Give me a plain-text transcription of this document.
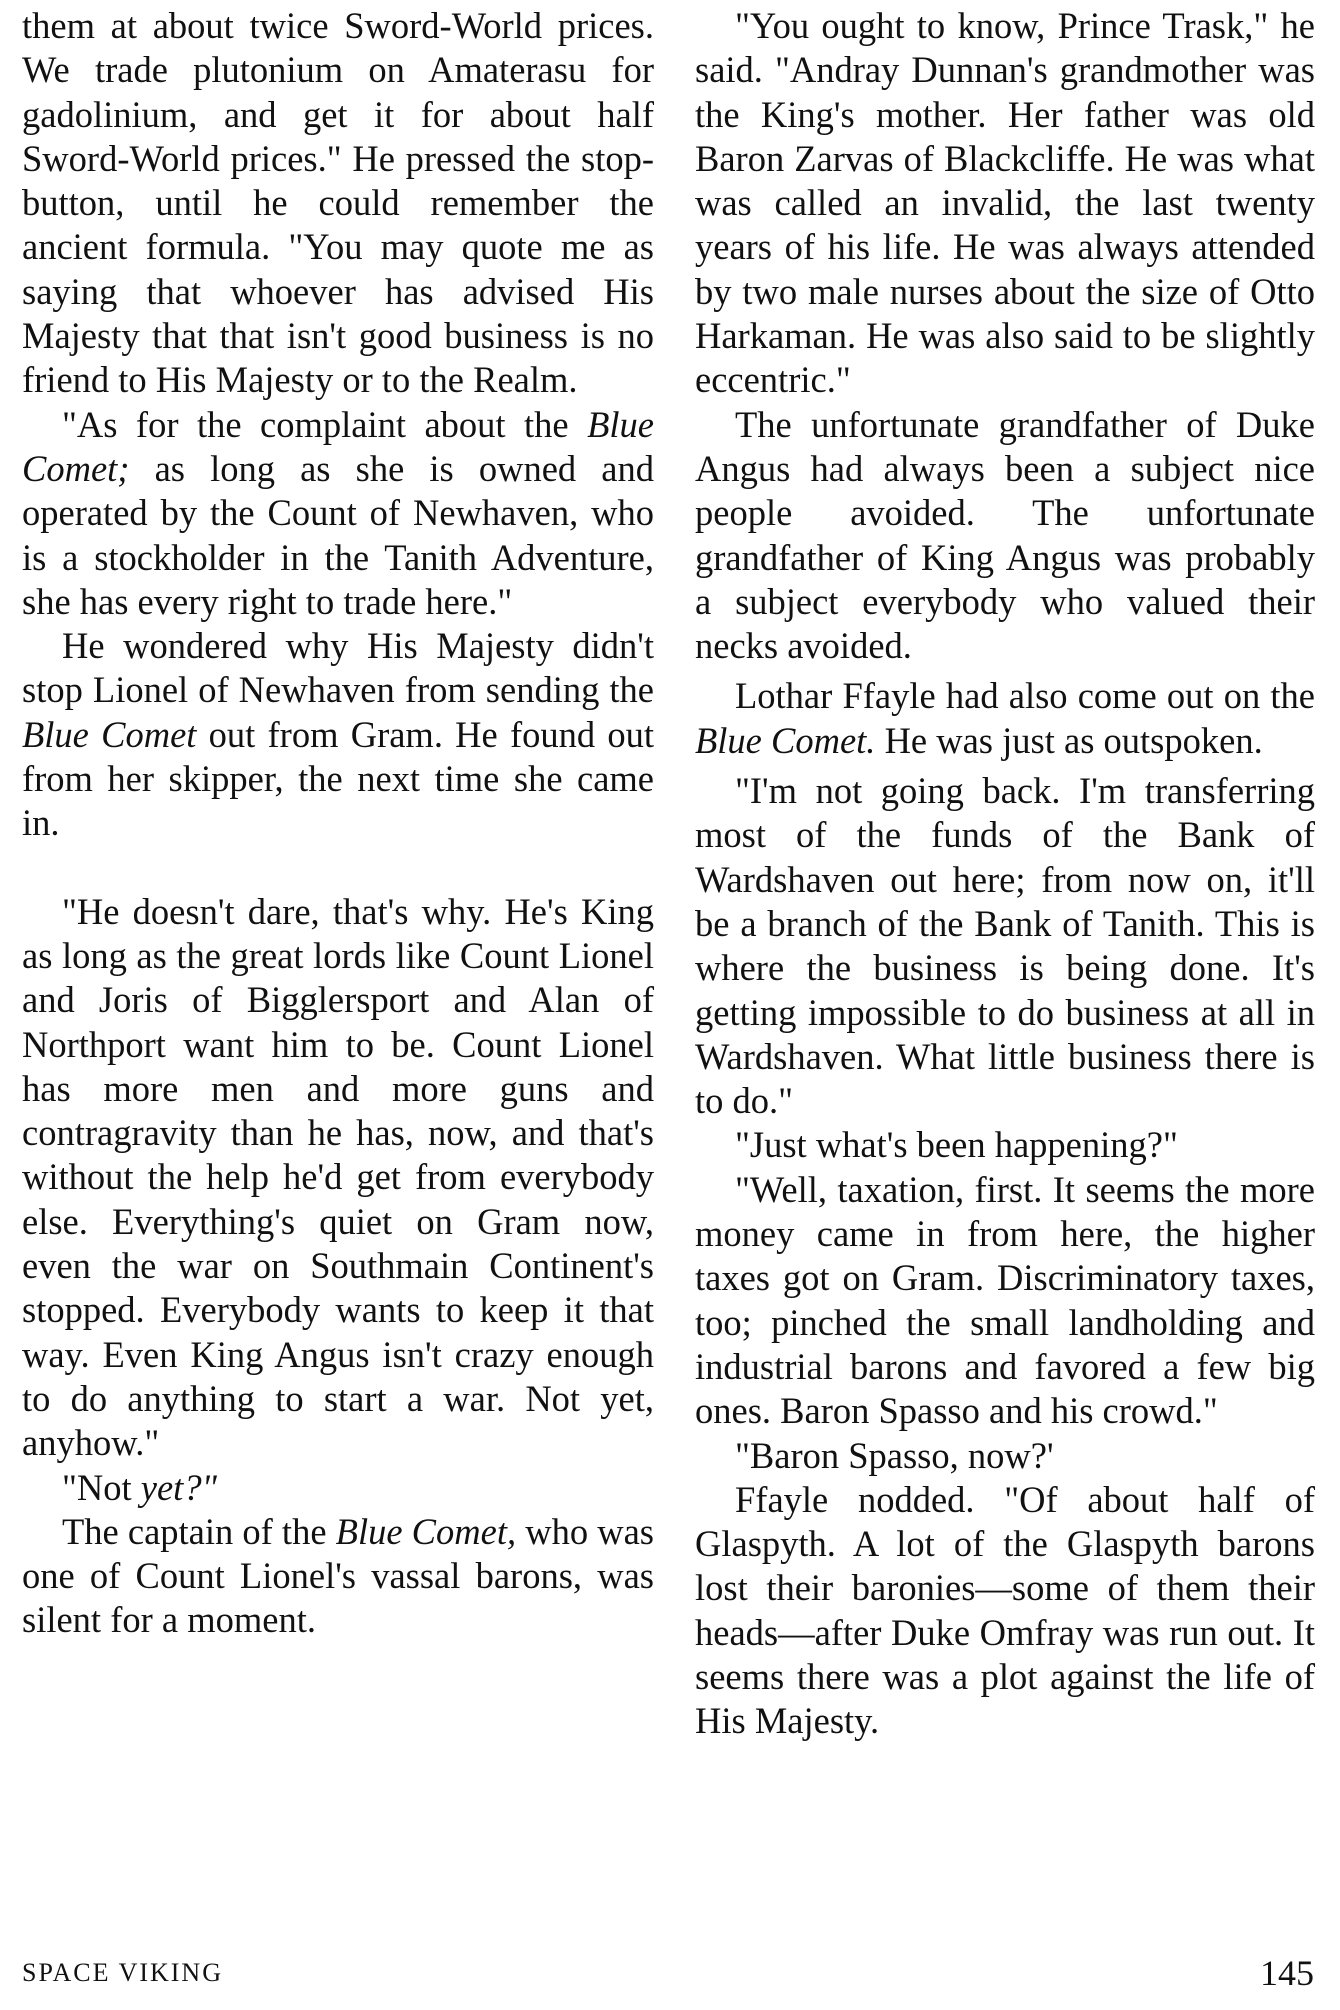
them at about twice Sword-World prices. We trade plutonium on Amaterasu for gadolinium, and get it for about half Sword-World prices." He pressed the stop-button, until he could remember the ancient formula. "You may quote me as saying that whoever has advised His Majesty that that isn't good business is no friend to His Majesty or to the Realm.

"As for the complaint about the Blue Comet; as long as she is owned and operated by the Count of Newhaven, who is a stockholder in the Tanith Adventure, she has every right to trade here."

He wondered why His Majesty didn't stop Lionel of Newhaven from sending the Blue Comet out from Gram. He found out from her skipper, the next time she came in.

"He doesn't dare, that's why. He's King as long as the great lords like Count Lionel and Joris of Bigglersport and Alan of Northport want him to be. Count Lionel has more men and more guns and contragravity than he has, now, and that's without the help he'd get from everybody else. Everything's quiet on Gram now, even the war on Southmain Continent's stopped. Everybody wants to keep it that way. Even King Angus isn't crazy enough to do anything to start a war. Not yet, anyhow."

"Not yet?"

The captain of the Blue Comet, who was one of Count Lionel's vassal barons, was silent for a moment.

"You ought to know, Prince Trask," he said. "Andray Dunnan's grandmother was the King's mother. Her father was old Baron Zarvas of Blackcliffe. He was what was called an invalid, the last twenty years of his life. He was always attended by two male nurses about the size of Otto Harkaman. He was also said to be slightly eccentric."

The unfortunate grandfather of Duke Angus had always been a subject nice people avoided. The unfortunate grandfather of King Angus was probably a subject everybody who valued their necks avoided.

Lothar Ffayle had also come out on the Blue Comet. He was just as outspoken.

"I'm not going back. I'm transferring most of the funds of the Bank of Wardshaven out here; from now on, it'll be a branch of the Bank of Tanith. This is where the business is being done. It's getting impossible to do business at all in Wardshaven. What little business there is to do."

"Just what's been happening?"

"Well, taxation, first. It seems the more money came in from here, the higher taxes got on Gram. Discriminatory taxes, too; pinched the small landholding and industrial barons and favored a few big ones. Baron Spasso and his crowd."

"Baron Spasso, now?'

Ffayle nodded. "Of about half of Glaspyth. A lot of the Glaspyth barons lost their baronies—some of them their heads—after Duke Omfray was run out. It seems there was a plot against the life of His Majesty.

SPACE VIKING	145
